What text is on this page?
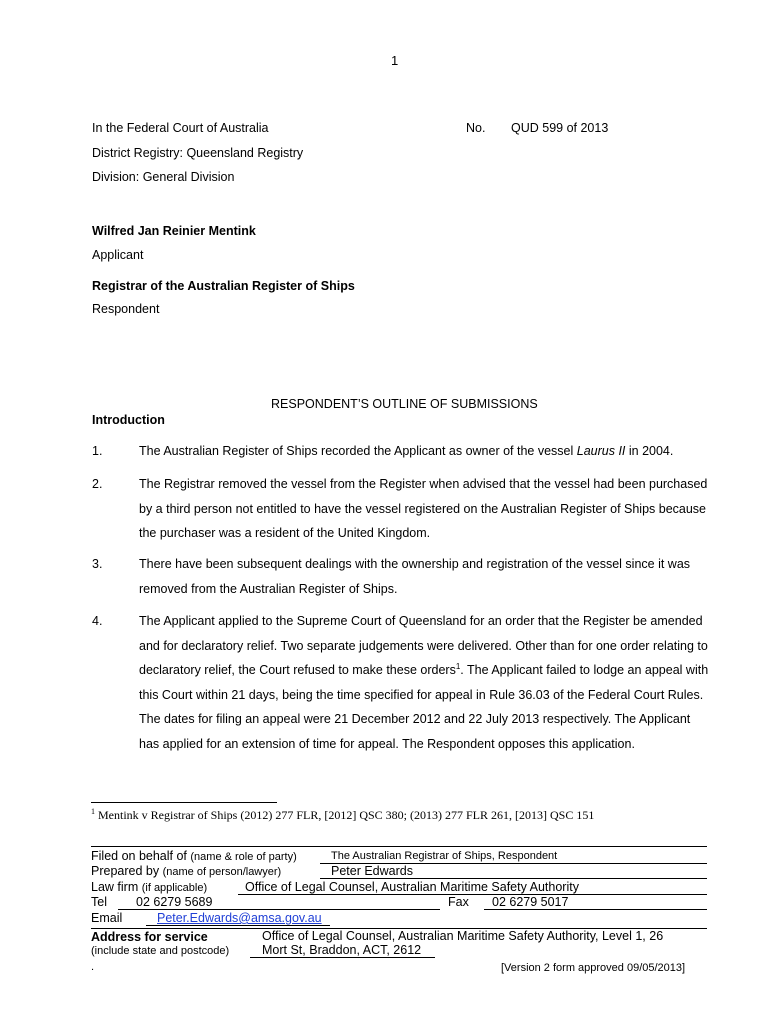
1
In the Federal Court of Australia	No. QUD 599 of 2013
District Registry: Queensland Registry
Division: General Division
Wilfred Jan Reinier Mentink
Applicant
Registrar of the Australian Register of Ships
Respondent
RESPONDENT’S OUTLINE OF SUBMISSIONS
Introduction
1.	The Australian Register of Ships recorded the Applicant as owner of the vessel Laurus II in 2004.
2.	The Registrar removed the vessel from the Register when advised that the vessel had been purchased by a third person not entitled to have the vessel registered on the Australian Register of Ships because the purchaser was a resident of the United Kingdom.
3.	There have been subsequent dealings with the ownership and registration of the vessel since it was removed from the Australian Register of Ships.
4.	The Applicant applied to the Supreme Court of Queensland for an order that the Register be amended and for declaratory relief. Two separate judgements were delivered. Other than for one order relating to declaratory relief, the Court refused to make these orders$^1$. The Applicant failed to lodge an appeal with this Court within 21 days, being the time specified for appeal in Rule 36.03 of the Federal Court Rules. The dates for filing an appeal were 21 December 2012 and 22 July 2013 respectively. The Applicant has applied for an extension of time for appeal. The Respondent opposes this application.
$^1$ Mentink v Registrar of Ships (2012) 277 FLR, [2012] QSC 380; (2013) 277 FLR 261, [2013] QSC 151
Filed on behalf of (name & role of party)	The Australian Registrar of Ships, Respondent
Prepared by (name of person/lawyer)	Peter Edwards
Law firm (if applicable)	Office of Legal Counsel, Australian Maritime Safety Authority
Tel 02 6279 5689	Fax 02 6279 5017
Email	Peter.Edwards@amsa.gov.au
Address for service	Office of Legal Counsel, Australian Maritime Safety Authority, Level 1, 26
(include state and postcode)	Mort St, Braddon, ACT, 2612
.	[Version 2 form approved 09/05/2013]
